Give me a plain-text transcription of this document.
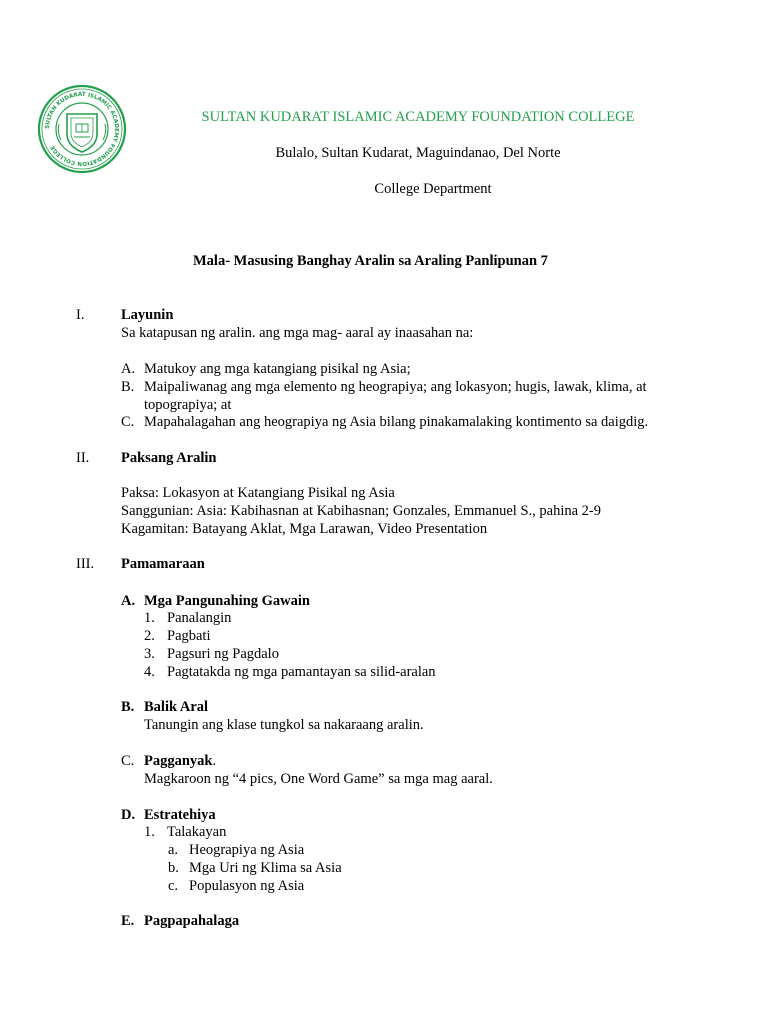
SULTAN KUDARAT ISLAMIC ACADEMY FOUNDATION COLLEGE
SULTAN KUDARAT ISLAMIC ACADEMY FOUNDATION COLLEGE
Bulalo, Sultan Kudarat, Maguindanao, Del Norte
College Department
Mala- Masusing Banghay Aralin sa Araling Panlipunan 7
I.	Layunin
Sa katapusan ng aralin. ang mga mag- aaral ay inaasahan na:
A. Matukoy ang mga katangiang pisikal ng Asia;
B. Maipaliwanag ang mga elemento ng heograpiya; ang lokasyon; hugis, lawak, klima, at
topograpiya; at
C. Mapahalagahan ang heograpiya ng Asia bilang pinakamalaking kontimento sa daigdig.
II. Paksang Aralin
Paksa: Lokasyon at Katangiang Pisikal ng Asia
Sanggunian: Asia: Kabihasnan at Kabihasnan; Gonzales, Emmanuel S., pahina 2-9
Kagamitan: Batayang Aklat, Mga Larawan, Video Presentation
III. Pamamaraan
A. Mga Pangunahing Gawain
1. Panalangin
2. Pagbati
3. Pagsuri ng Pagdalo
4. Pagtatakda ng mga pamantayan sa silid-aralan
B. Balik Aral
Tanungin ang klase tungkol sa nakaraang aralin.
C. Pagganyak.
Magkaroon ng “4 pics, One Word Game” sa mga mag aaral.
D. Estratehiya
1. Talakayan
a. Heograpiya ng Asia
b. Mga Uri ng Klima sa Asia
c. Populasyon ng Asia
E. Pagpapahalaga
